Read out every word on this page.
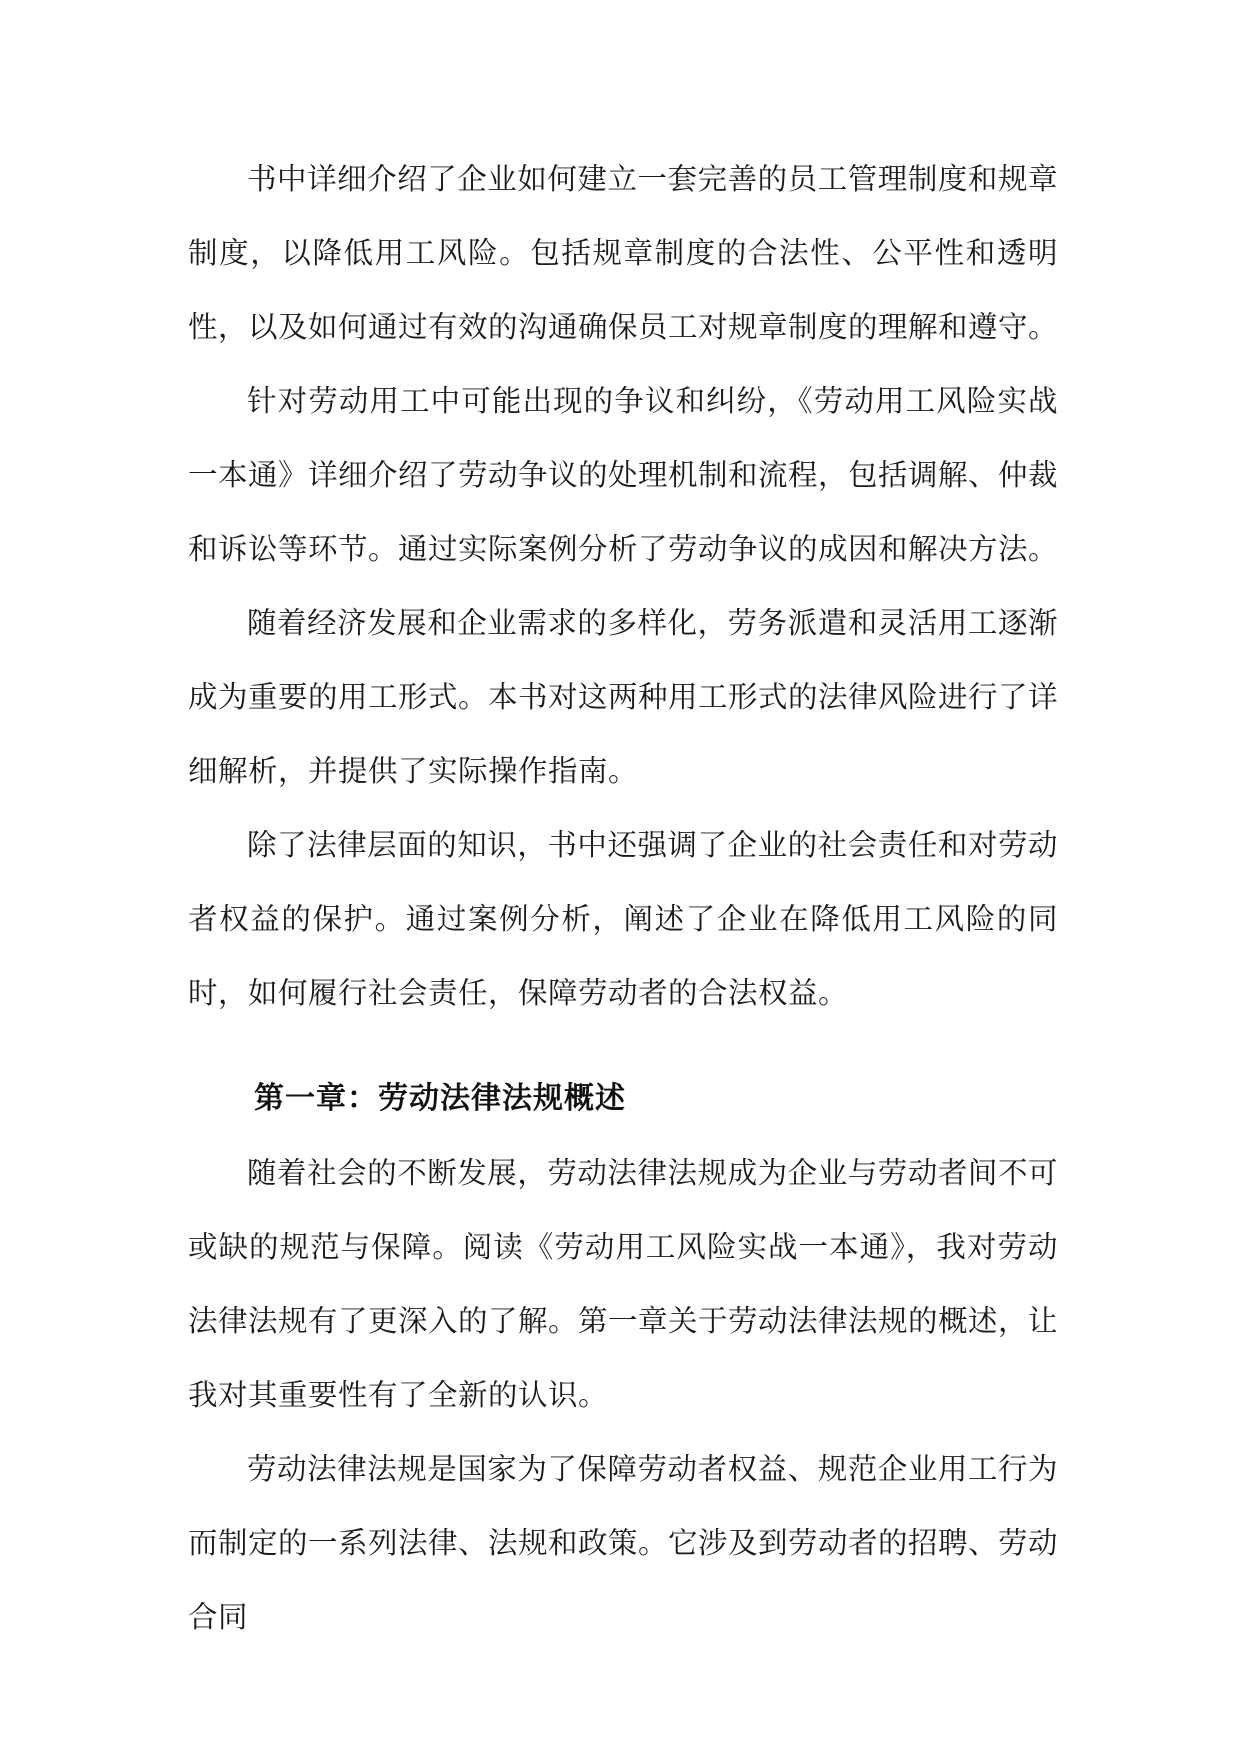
书中详细介绍了企业如何建立一套完善的员工管理制度和规章制度，以降低用工风险。包括规章制度的合法性、公平性和透明性，以及如何通过有效的沟通确保员工对规章制度的理解和遵守。

针对劳动用工中可能出现的争议和纠纷，《劳动用工风险实战一本通》详细介绍了劳动争议的处理机制和流程，包括调解、仲裁和诉讼等环节。通过实际案例分析了劳动争议的成因和解决方法。

随着经济发展和企业需求的多样化，劳务派遣和灵活用工逐渐成为重要的用工形式。本书对这两种用工形式的法律风险进行了详细解析，并提供了实际操作指南。

除了法律层面的知识，书中还强调了企业的社会责任和对劳动者权益的保护。通过案例分析，阐述了企业在降低用工风险的同时，如何履行社会责任，保障劳动者的合法权益。

第一章：劳动法律法规概述

随着社会的不断发展，劳动法律法规成为企业与劳动者间不可或缺的规范与保障。阅读《劳动用工风险实战一本通》，我对劳动法律法规有了更深入的了解。第一章关于劳动法律法规的概述，让我对其重要性有了全新的认识。

劳动法律法规是国家为了保障劳动者权益、规范企业用工行为而制定的一系列法律、法规和政策。它涉及到劳动者的招聘、劳动合同
